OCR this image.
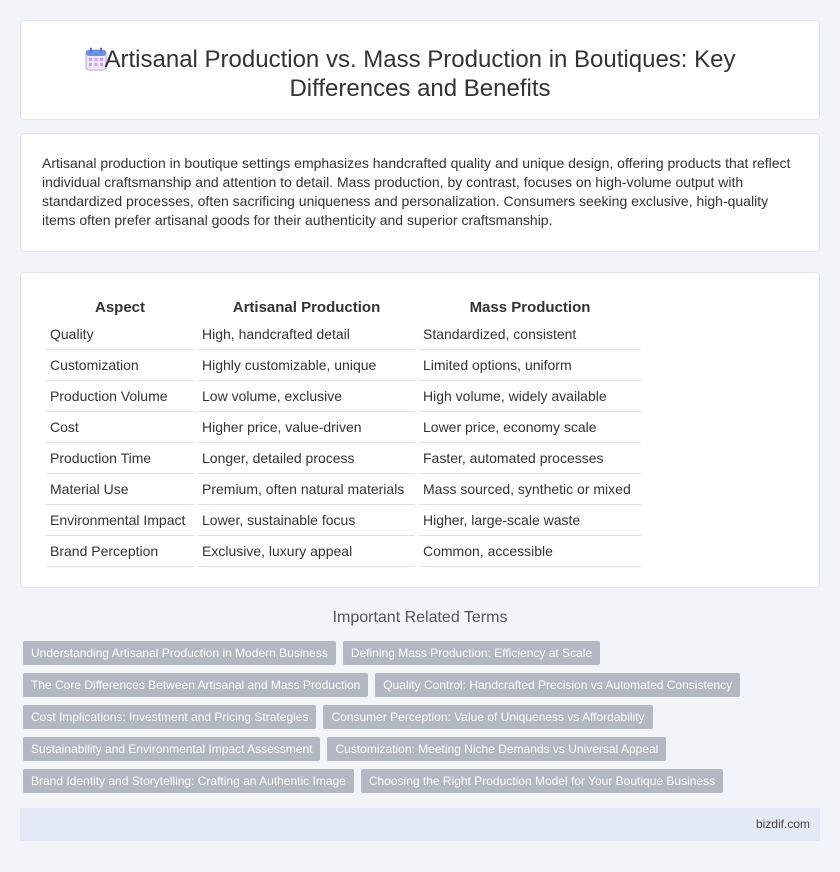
Artisanal Production vs. Mass Production in Boutiques: Key Differences and Benefits

Artisanal production in boutique settings emphasizes handcrafted quality and unique design, offering products that reflect individual craftsmanship and attention to detail. Mass production, by contrast, focuses on high-volume output with standardized processes, often sacrificing uniqueness and personalization. Consumers seeking exclusive, high-quality items often prefer artisanal goods for their authenticity and superior craftsmanship.

Aspect	Artisanal Production	Mass Production
Quality	High, handcrafted detail	Standardized, consistent
Customization	Highly customizable, unique	Limited options, uniform
Production Volume	Low volume, exclusive	High volume, widely available
Cost	Higher price, value-driven	Lower price, economy scale
Production Time	Longer, detailed process	Faster, automated processes
Material Use	Premium, often natural materials	Mass sourced, synthetic or mixed
Environmental Impact	Lower, sustainable focus	Higher, large-scale waste
Brand Perception	Exclusive, luxury appeal	Common, accessible
Important Related Terms
Understanding Artisanal Production in Modern Business	Defining Mass Production: Efficiency at Scale
The Core Differences Between Artisanal and Mass Production	Quality Control: Handcrafted Precision vs Automated Consistency
Cost Implications: Investment and Pricing Strategies	Consumer Perception: Value of Uniqueness vs Affordability
Sustainability and Environmental Impact Assessment	Customization: Meeting Niche Demands vs Universal Appeal
Brand Identity and Storytelling: Crafting an Authentic Image	Choosing the Right Production Model for Your Boutique Business
bizdif.com
